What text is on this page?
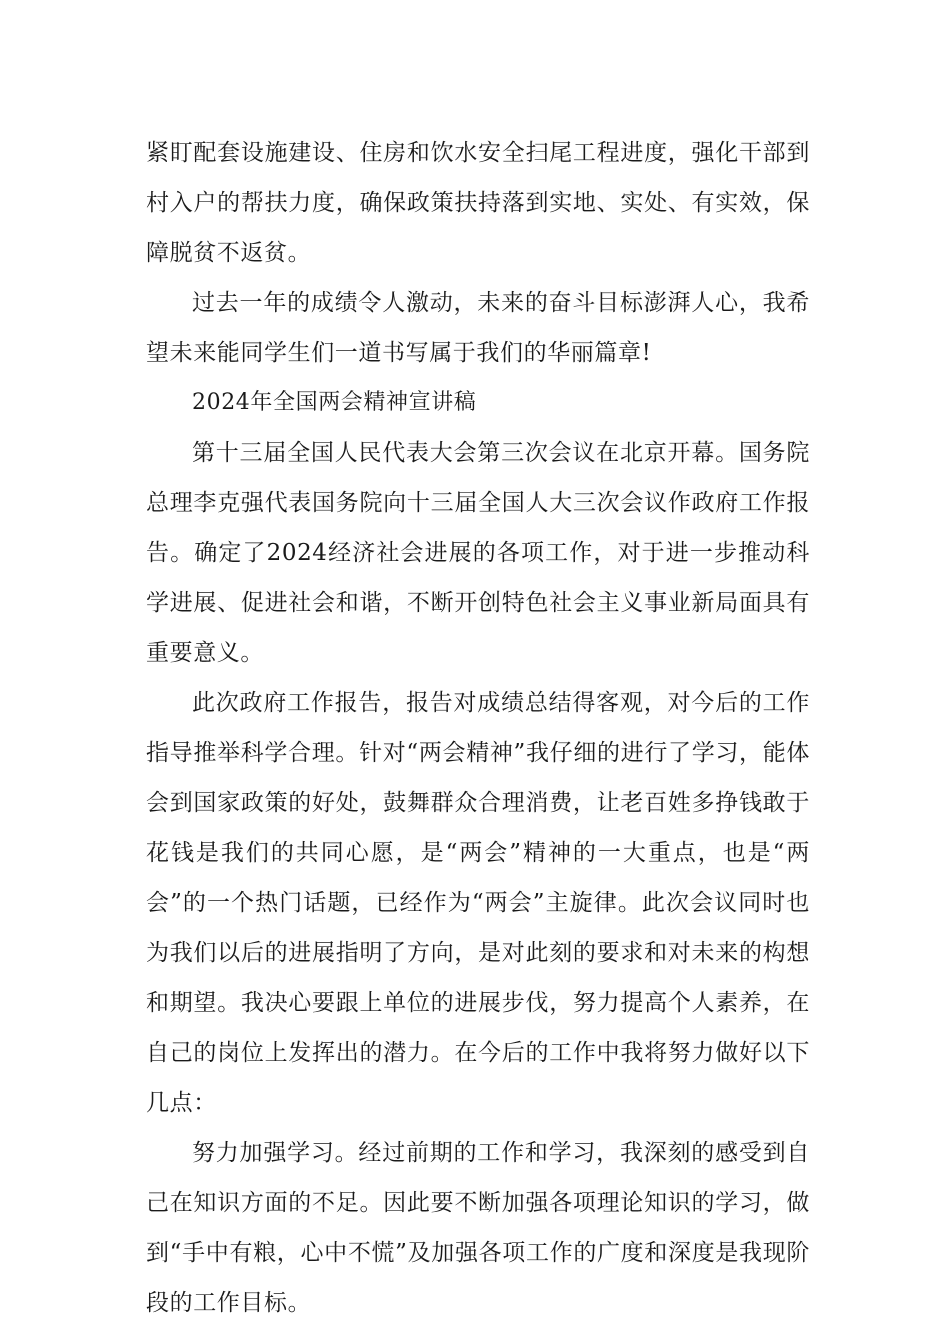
紧盯配套设施建设、住房和饮水安全扫尾工程进度，强化干部到村入户的帮扶力度，确保政策扶持落到实地、实处、有实效，保障脱贫不返贫。

过去一年的成绩令人激动，未来的奋斗目标澎湃人心，我希望未来能同学生们一道书写属于我们的华丽篇章!

2024年全国两会精神宣讲稿

第十三届全国人民代表大会第三次会议在北京开幕。国务院总理李克强代表国务院向十三届全国人大三次会议作政府工作报告。确定了2024经济社会进展的各项工作，对于进一步推动科学进展、促进社会和谐，不断开创特色社会主义事业新局面具有重要意义。

此次政府工作报告，报告对成绩总结得客观，对今后的工作指导推举科学合理。针对“两会精神”我仔细的进行了学习，能体会到国家政策的好处，鼓舞群众合理消费，让老百姓多挣钱敢于花钱是我们的共同心愿，是“两会”精神的一大重点，也是“两会”的一个热门话题，已经作为“两会”主旋律。此次会议同时也为我们以后的进展指明了方向，是对此刻的要求和对未来的构想和期望。我决心要跟上单位的进展步伐，努力提高个人素养，在自己的岗位上发挥出的潜力。在今后的工作中我将努力做好以下几点：

努力加强学习。经过前期的工作和学习，我深刻的感受到自己在知识方面的不足。因此要不断加强各项理论知识的学习，做到“手中有粮，心中不慌”及加强各项工作的广度和深度是我现阶段的工作目标。
